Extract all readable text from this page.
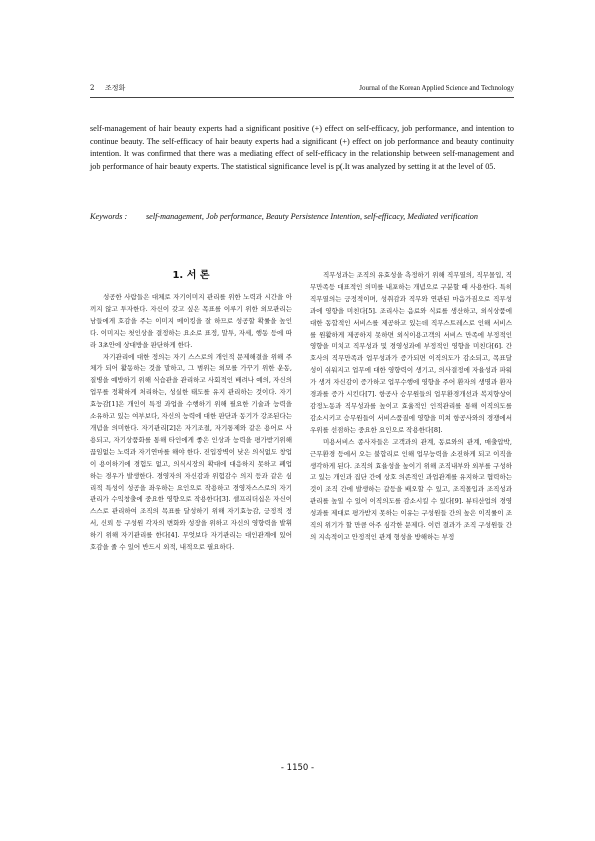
2 조정화	Journal of the Korean Applied Science and Technology

self-management of hair beauty experts had a significant positive (+) effect on self-efficacy, job performance, and intention to continue beauty. The self-efficacy of hair beauty experts had a significant (+) effect on job performance and beauty continuity intention. It was confirmed that there was a mediating effect of self-efficacy in the relationship between self-management and job performance of hair beauty experts. The statistical significance level is p(.It was analyzed by setting it at the level of 05.

Keywords : self-management, Job performance, Beauty Persistence Intention, self-efficacy, Mediated verification
1. 서 론

성공한 사람들은 대체로 자기이미지 관리를 위한 노력과 시간을 아끼지 않고 투자한다. 자신이 갖고 싶은 목표를 이루기 위한 외모관리는 남들에게 호감을 주는 이미지 메이킹을 잘 하므로 성공할 확률을 높인다. 이미지는 첫인상을 결정하는 요소로 표정, 말투, 자세, 행동 등에 따라 3초안에 상대방을 판단하게 한다.

자기관리에 대한 정의는 자기 스스로의 개인적 문제해결을 위해 주체가 되어 활동하는 것을 말하고, 그 범위는 외모를 가꾸기 위한 운동, 질병을 예방하기 위해 식습관을 관리하고 사회적인 배려나 예의, 자신의 업무를 정확하게 처리하는, 성실한 태도를 유지 관리하는 것이다. 자기효능감[1]은 개인이 특정 과업을 수행하기 위해 필요한 기술과 능력을 소유하고 있는 여부보다, 자신의 능력에 대한 판단과 동기가 강조된다는 개념을 의미한다. 자기관리[2]은 자기조절, 자기통제와 같은 용어로 사용되고, 자기상품화를 통해 타인에게 좋은 인상과 능력을 평가받기위해 끊임없는 노력과 자기연마를 해야 한다. 진입장벽이 낮은 의식없도 창업이 용이하기에 경험도 없고, 의식시장의 확대에 대응하지 못하고 폐업 하는 경우가 발생한다. 경영자의 자신감과 위험감수 의지 등과 같은 심리적 특성이 성공을 좌우하는 요인으로 작용하고 경영자스스로의 자기관리가 수익창출에 중요한 영향으로 작용한다[3]. 셀프리더십은 자신이 스스로 관리하여 조직의 목표를 달성하기 위해 자기효능감, 긍정적 정서, 신뢰 등 구성원 각자의 변화와 성장을 위하고 자신의 영향력을 발휘하기 위해 자기관리를 한다[4]. 무엇보다 자기관리는 대인관계에 있어 호감을 줄 수 있어 반드시 외적, 내적으로 필요하다.

직무성과는 조직의 유효성을 측정하기 위해 직무열의, 직무몰입, 직무만족등 대표적인 의미를 내포하는 개념으로 구분할 때 사용한다. 특히 직무열의는 긍정적이며, 성취감과 직무와 연관된 마음가짐으로 직무성과에 영향을 미친다[5]. 조리사는 음료와 식료를 생산하고, 외식상품에 대한 동합적인 서비스를 제공하고 있는데 직무스트레스로 인해 서비스를 원활하게 제공하지 못하면 외식이용고객의 서비스 만족에 부정적인 영향을 미치고 직무성과 및 경영성과에 부정적인 영향을 미친다[6]. 간호사의 직무만족과 업무성과가 증가되면 이직의도가 감소되고, 목표달성이 쉬워지고 업무에 대한 영향력이 생기고, 의사결정에 자율성과 파워가 생겨 자신감이 증가하고 업무수행에 영향을 주어 환자의 생명과 환자경과를 증가 시킨다[7]. 항공사 승무원들의 업무환경개선과 복지향상이 감정노동과 직무성과를 높이고 효율적인 인적관리를 통해 이직의도를 감소시키고 승무원들이 서비스품질에 영향을 미쳐 항공사와의 경쟁에서 우위를 선점하는 중요한 요인으로 작용한다[8].

미용서비스 종사자들은 고객과의 관계, 동료와의 관계, 매출압박, 근무환경 등에서 오는 불합리로 인해 업무능력을 소진하게 되고 이직을 생각하게 된다. 조직의 효율성을 높이기 위해 조직내부와 외부를 구성하고 있는 개인과 집단 간에 상호 의존적인 과업관계를 유지하고 협력하는 것이 조직 간에 발생하는 갈등을 배오할 수 있고, 조직몰입과 조직성과 관리를 높일 수 있어 이직의도를 감소시킬 수 있다[9]. 뷰티산업의 경영성과를 제대로 평가받지 못하는 이유는 구성원들 간의 높은 이직률이 조직의 위기가 할 만큼 아주 심각한 문제다. 이런 결과가 조직 구성원들 간의 지속적이고 안정적인 관계 형성을 방해하는 부정

- 1150 -
